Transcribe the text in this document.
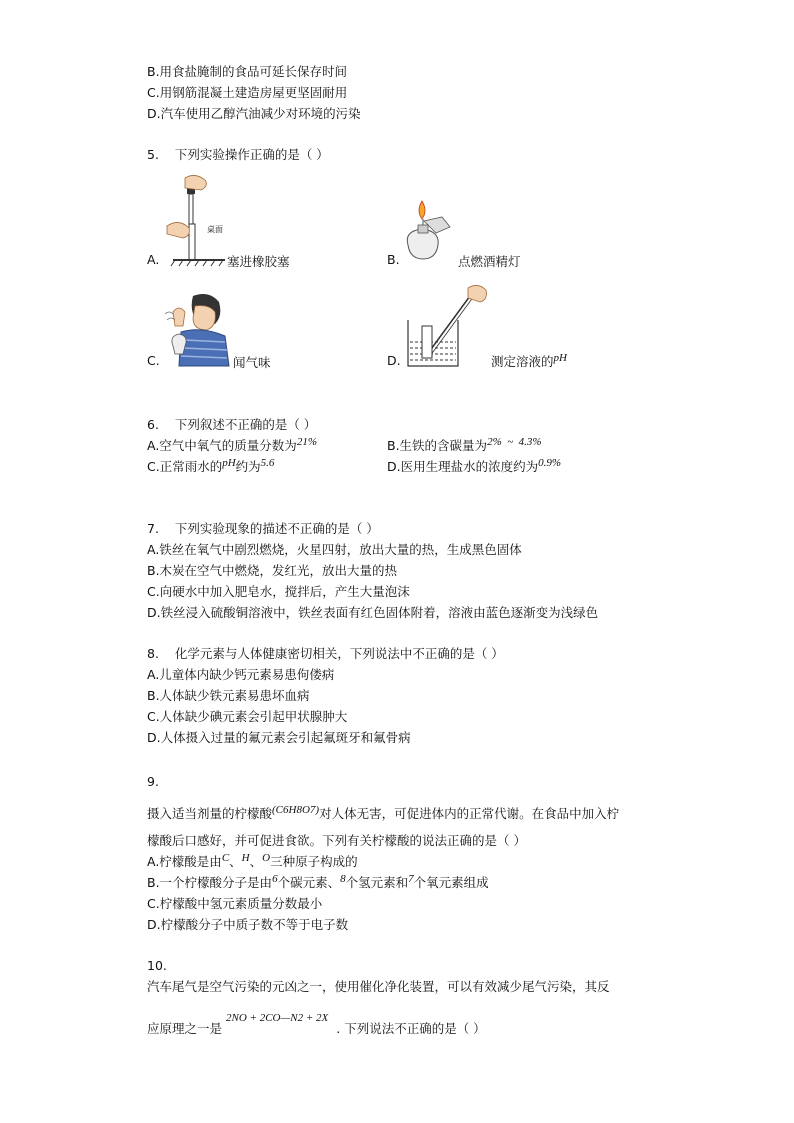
B.用食盐腌制的食品可延长保存时间
C.用钢筋混凝土建造房屋更坚固耐用
D.汽车使用乙醇汽油减少对环境的污染
5.    下列实验操作正确的是（ ）
A.
桌面
塞进橡胶塞	B.	点燃酒精灯
C.	闻气味	D.	测定溶液的pH
6.    下列叙述不正确的是（ ）
A.空气中氧气的质量分数为21%	B.生铁的含碳量为2%  ~  4.3%
C.正常雨水的pH约为5.6	D.医用生理盐水的浓度约为0.9%
7.    下列实验现象的描述不正确的是（ ）
A.铁丝在氧气中剧烈燃烧，火星四射，放出大量的热，生成黑色固体
B.木炭在空气中燃烧，发红光，放出大量的热
C.向硬水中加入肥皂水，搅拌后，产生大量泡沫
D.铁丝浸入硫酸铜溶液中，铁丝表面有红色固体附着，溶液由蓝色逐渐变为浅绿色
8.    化学元素与人体健康密切相关，下列说法中不正确的是（ ）
A.儿童体内缺少钙元素易患佝偻病
B.人体缺少铁元素易患坏血病
C.人体缺少碘元素会引起甲状腺肿大
D.人体摄入过量的氟元素会引起氟斑牙和氟骨病
9.
摄入适当剂量的柠檬酸(C6H8O7)对人体无害，可促进体内的正常代谢。在食品中加入柠
檬酸后口感好，并可促进食欲。下列有关柠檬酸的说法正确的是（ ）
A.柠檬酸是由C、H、O三种原子构成的
B.一个柠檬酸分子是由6个碳元素、8个氢元素和7个氧元素组成
C.柠檬酸中氢元素质量分数最小
D.柠檬酸分子中质子数不等于电子数
10.
汽车尾气是空气污染的元凶之一，使用催化净化装置，可以有效减少尾气污染，其反
应原理之一是2NO + 2CO—N2 + 2X. 下列说法不正确的是（ ）
